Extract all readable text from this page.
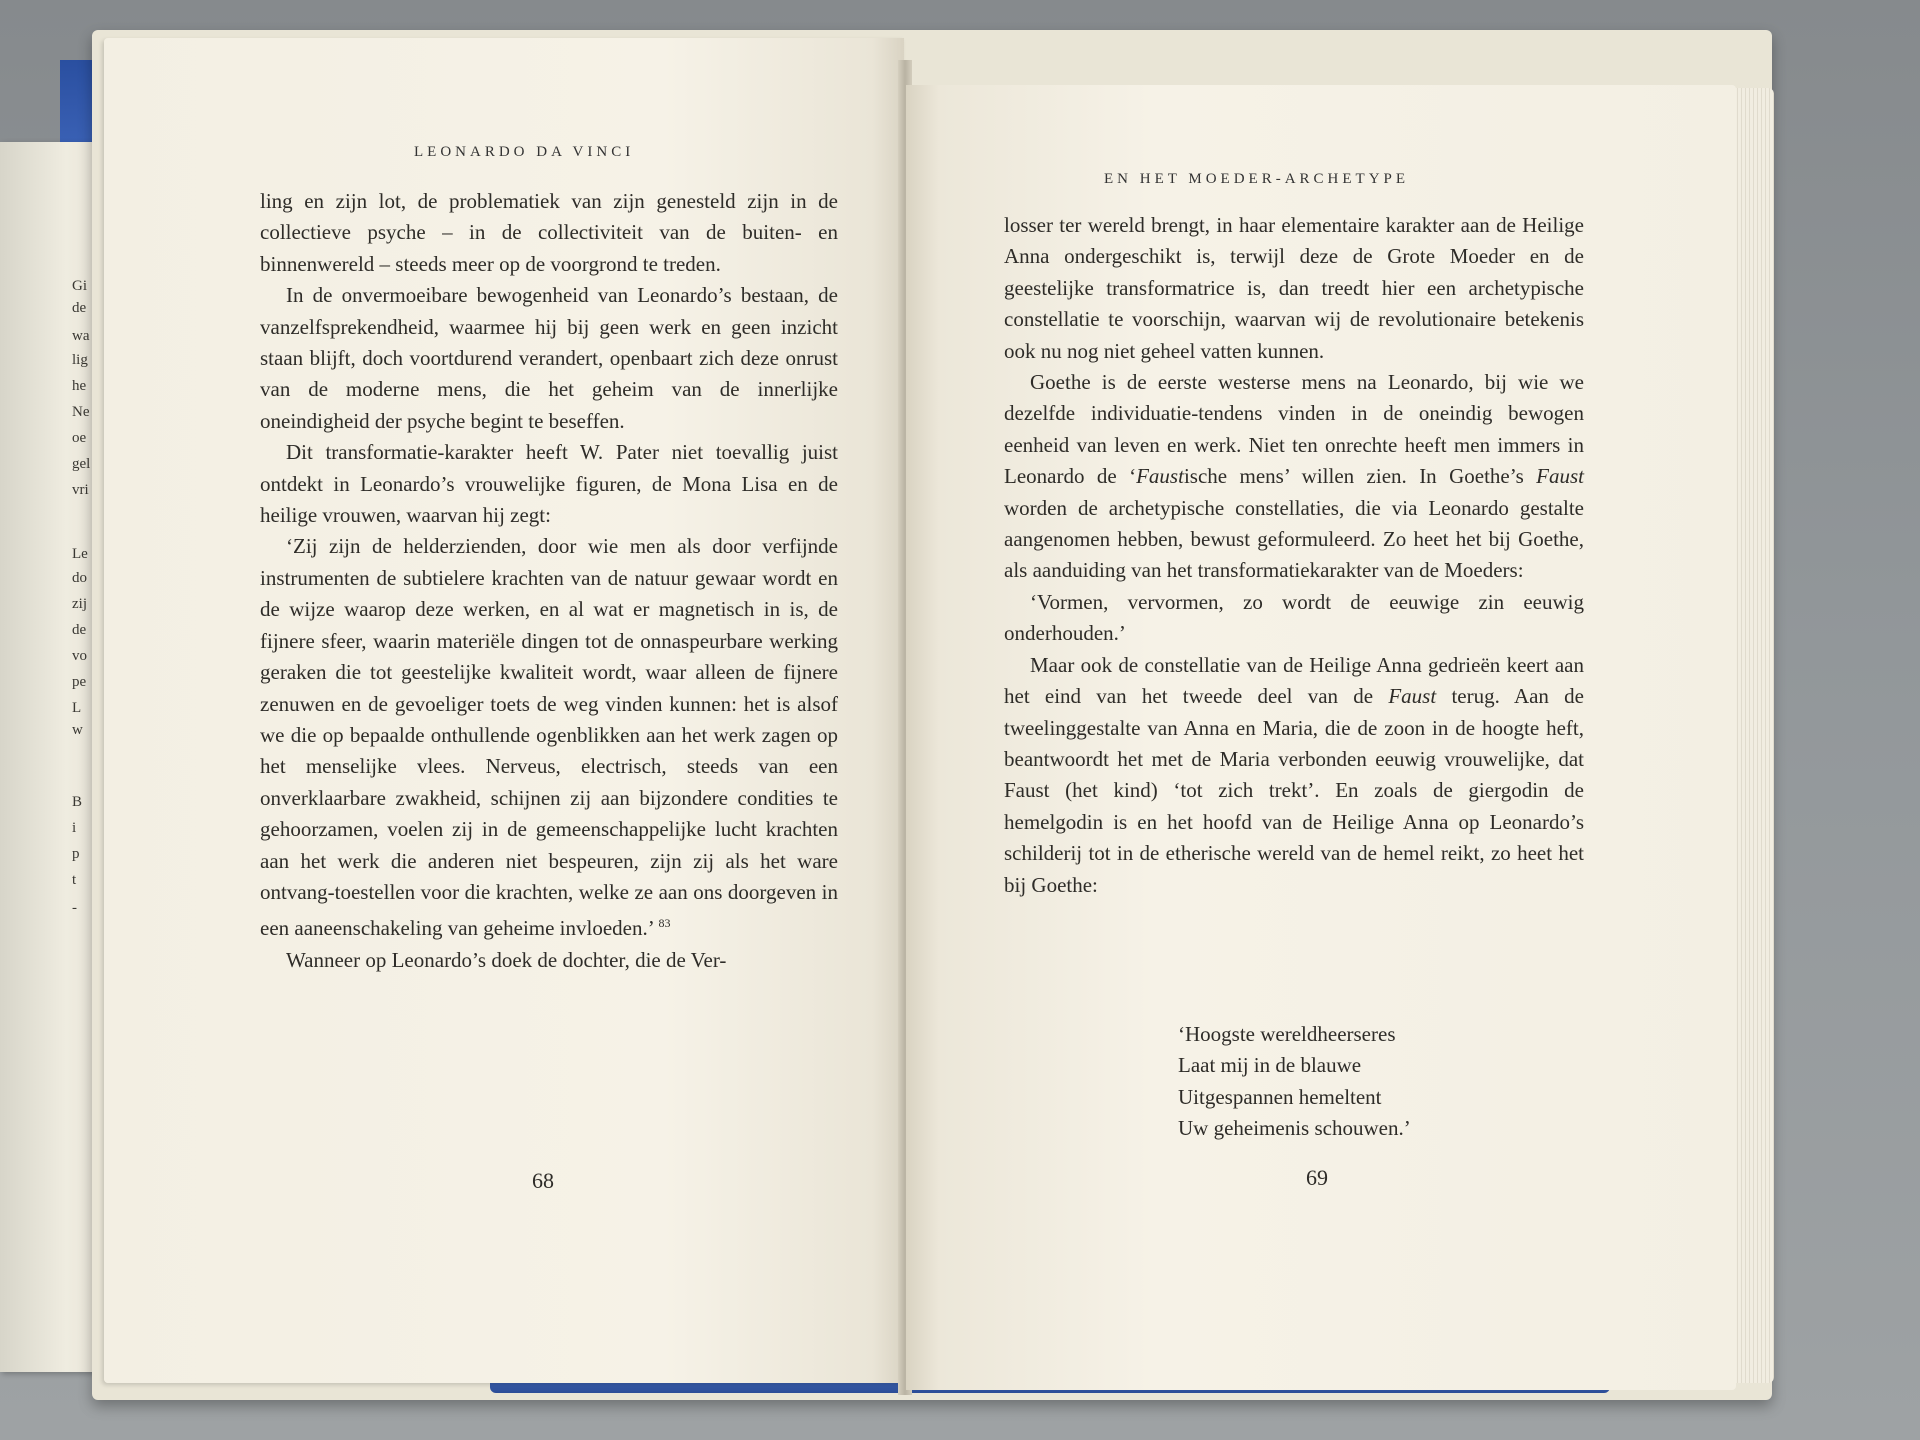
Gi
de
wa
lig
he
Ne
oe
gel
vri
Le
do
zij
de
vo
pe
L
w
B
i
p
t
-
LEONARDO DA VINCI

ling en zijn lot, de problematiek van zijn genesteld zijn in de collectieve psyche – in de collectiviteit van de buiten- en binnenwereld – steeds meer op de voorgrond te treden.

In de onvermoeibare bewogenheid van Leonardo’s bestaan, de vanzelfsprekendheid, waarmee hij bij geen werk en geen inzicht staan blijft, doch voortdurend verandert, openbaart zich deze onrust van de moderne mens, die het geheim van de innerlijke oneindigheid der psyche begint te beseffen.

Dit transformatie-karakter heeft W. Pater niet toevallig juist ontdekt in Leonardo’s vrouwelijke figuren, de Mona Lisa en de heilige vrouwen, waarvan hij zegt:

‘Zij zijn de helderzienden, door wie men als door verfijnde instrumenten de subtielere krachten van de natuur gewaar wordt en de wijze waarop deze werken, en al wat er magnetisch in is, de fijnere sfeer, waarin materiële dingen tot de onnaspeurbare werking geraken die tot geestelijke kwaliteit wordt, waar alleen de fijnere zenuwen en de gevoeliger toets de weg vinden kunnen: het is alsof we die op bepaalde onthullende ogenblikken aan het werk zagen op het menselijke vlees. Nerveus, electrisch, steeds van een onverklaarbare zwakheid, schijnen zij aan bijzondere condities te gehoorzamen, voelen zij in de gemeenschappelijke lucht krachten aan het werk die anderen niet bespeuren, zijn zij als het ware ontvang-toestellen voor die krachten, welke ze aan ons doorgeven in een aaneenschakeling van geheime invloeden.’ $^{83}$

Wanneer op Leonardo’s doek de dochter, die de Ver-

68
EN HET MOEDER-ARCHETYPE

losser ter wereld brengt, in haar elementaire karakter aan de Heilige Anna ondergeschikt is, terwijl deze de Grote Moeder en de geestelijke transformatrice is, dan treedt hier een archetypische constellatie te voorschijn, waarvan wij de revolutionaire betekenis ook nu nog niet geheel vatten kunnen.

Goethe is de eerste westerse mens na Leonardo, bij wie we dezelfde individuatie-tendens vinden in de oneindig bewogen eenheid van leven en werk. Niet ten onrechte heeft men immers in Leonardo de ‘Faustische mens’ willen zien. In Goethe’s Faust worden de archetypische constellaties, die via Leonardo gestalte aangenomen hebben, bewust geformuleerd. Zo heet het bij Goethe, als aanduiding van het transformatiekarakter van de Moeders:

‘Vormen, vervormen, zo wordt de eeuwige zin eeuwig onderhouden.’

Maar ook de constellatie van de Heilige Anna gedrieën keert aan het eind van het tweede deel van de Faust terug. Aan de tweelinggestalte van Anna en Maria, die de zoon in de hoogte heft, beantwoordt het met de Maria verbonden eeuwig vrouwelijke, dat Faust (het kind) ‘tot zich trekt’. En zoals de giergodin de hemelgodin is en het hoofd van de Heilige Anna op Leonardo’s schilderij tot in de etherische wereld van de hemel reikt, zo heet het bij Goethe:

‘Hoogste wereldheerseres
Laat mij in de blauwe
Uitgespannen hemeltent
Uw geheimenis schouwen.’
69
